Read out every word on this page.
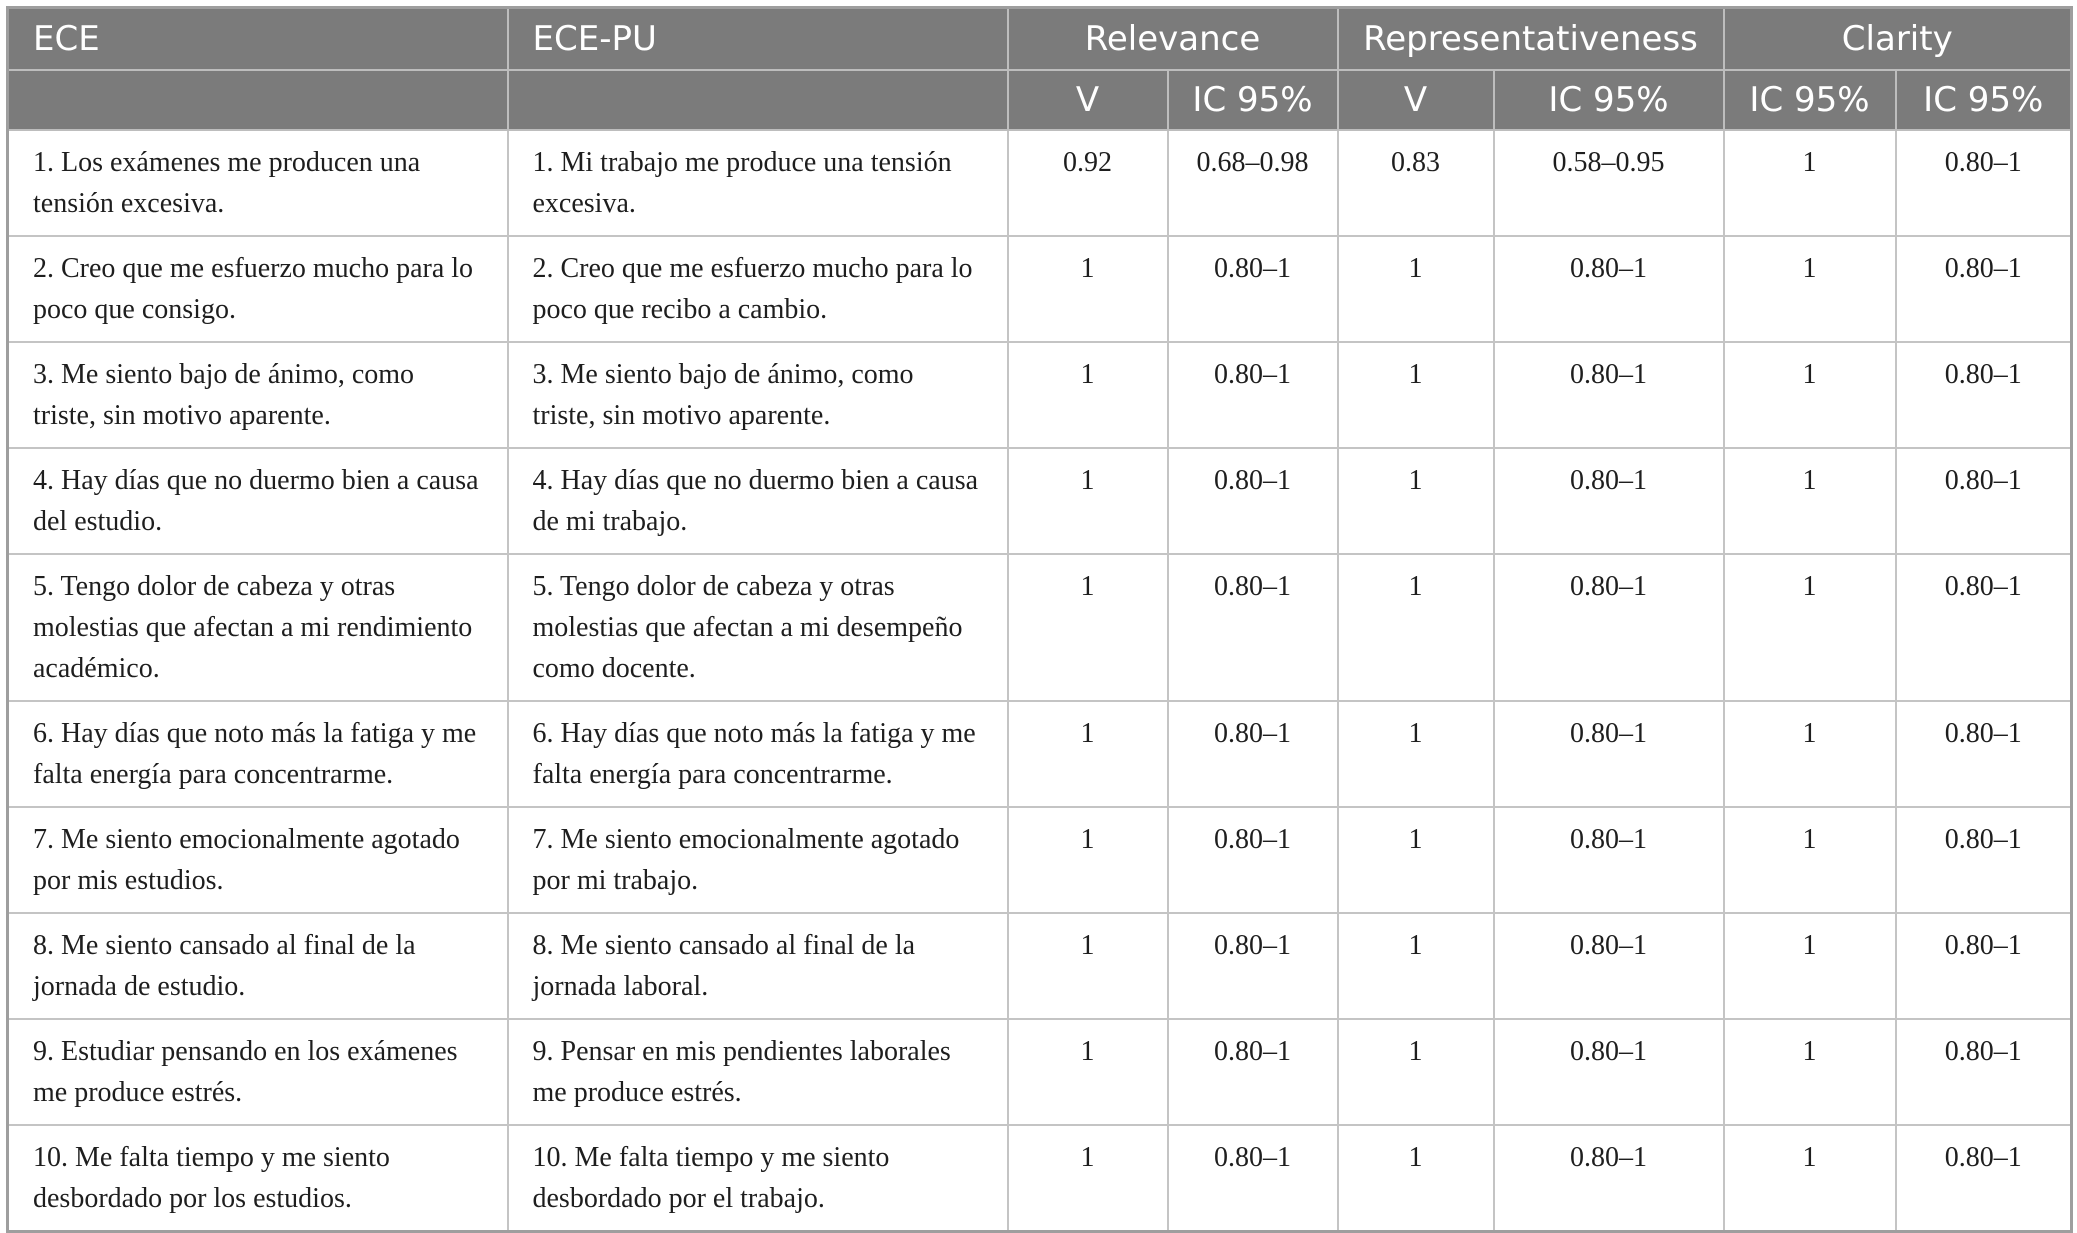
ECE	ECE-PU	Relevance		Representativeness		Clarity	
		V	IC 95%	V	IC 95%	IC 95%	IC 95%
1. Los exámenes me producen una tensión excesiva.	1. Mi trabajo me produce una tensión excesiva.	0.92	0.68–0.98	0.83	0.58–0.95	1	0.80–1
2. Creo que me esfuerzo mucho para lo poco que consigo.	2. Creo que me esfuerzo mucho para lo poco que recibo a cambio.	1	0.80–1	1	0.80–1	1	0.80–1
3. Me siento bajo de ánimo, como triste, sin motivo aparente.	3. Me siento bajo de ánimo, como triste, sin motivo aparente.	1	0.80–1	1	0.80–1	1	0.80–1
4. Hay días que no duermo bien a causa del estudio.	4. Hay días que no duermo bien a causa de mi trabajo.	1	0.80–1	1	0.80–1	1	0.80–1
5. Tengo dolor de cabeza y otras molestias que afectan a mi rendimiento académico.	5. Tengo dolor de cabeza y otras molestias que afectan a mi desempeño como docente.	1	0.80–1	1	0.80–1	1	0.80–1
6. Hay días que noto más la fatiga y me falta energía para concentrarme.	6. Hay días que noto más la fatiga y me falta energía para concentrarme.	1	0.80–1	1	0.80–1	1	0.80–1
7. Me siento emocionalmente agotado por mis estudios.	7. Me siento emocionalmente agotado por mi trabajo.	1	0.80–1	1	0.80–1	1	0.80–1
8. Me siento cansado al final de la jornada de estudio.	8. Me siento cansado al final de la jornada laboral.	1	0.80–1	1	0.80–1	1	0.80–1
9. Estudiar pensando en los exámenes me produce estrés.	9. Pensar en mis pendientes laborales me produce estrés.	1	0.80–1	1	0.80–1	1	0.80–1
10. Me falta tiempo y me siento desbordado por los estudios.	10. Me falta tiempo y me siento desbordado por el trabajo.	1	0.80–1	1	0.80–1	1	0.80–1
